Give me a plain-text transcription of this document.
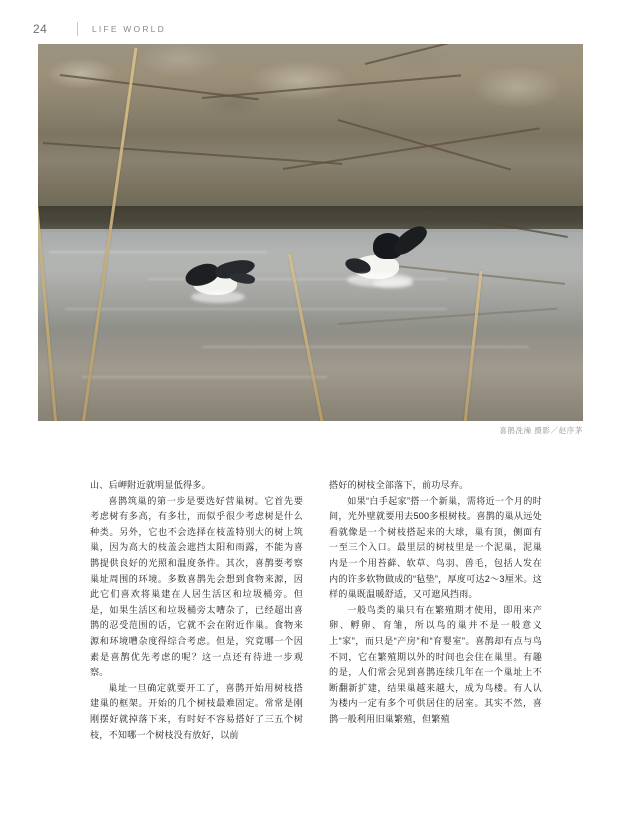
24	LIFE WORLD
喜鹊洗澡 摄影／赵序茅

山、后岬附近就明显低得多。

喜鹊筑巢的第一步是要选好营巢树。它首先要考虑树有多高，有多壮，而似乎很少考虑树是什么种类。另外，它也不会选择在枝盖特别大的树上筑巢，因为高大的枝盖会遮挡太阳和雨露，不能为喜鹊提供良好的光照和温度条件。其次，喜鹊要考察巢址周围的环境。多数喜鹊先会想到食物来源，因此它们喜欢将巢建在人居生活区和垃圾桶旁。但是，如果生活区和垃圾桶旁太嘈杂了，已经超出喜鹊的忍受范围的话，它就不会在附近作巢。食物来源和环境嘈杂度得综合考虑。但是，究竟哪一个因素是喜鹊优先考虑的呢？这一点还有待进一步观察。

巢址一旦确定就要开工了，喜鹊开始用树枝搭建巢的框架。开始的几个树枝最难固定。常常是刚刚摆好就掉落下来，有时好不容易搭好了三五个树枝，不知哪一个树枝没有放好，以前

搭好的树枝全部落下，前功尽弃。

如果“白手起家”搭一个新巢，需将近一个月的时间，光外壁就要用去500多根树枝。喜鹊的巢从远处看就像是一个树枝搭起来的大球，巢有顶，侧面有一至三个入口。最里层的树枝里是一个泥巢，泥巢内是一个用苔藓、软草、鸟羽、兽毛，包括人发在内的许多软物做成的“毡垫”，厚度可达2～3厘米。这样的巢既温暖舒适，又可遮风挡雨。

一般鸟类的巢只有在繁殖期才使用，即用来产卵、孵卵、育雏，所以鸟的巢并不是一般意义上“家”，而只是“产房”和“育婴室”。喜鹊却有点与鸟不同，它在繁殖期以外的时间也会住在巢里。有趣的是，人们常会见到喜鹊连续几年在一个巢址上不断翻新扩建，结果巢越来越大，成为鸟楼。有人认为楼内一定有多个可供居住的居室。其实不然，喜鹊一般利用旧巢繁殖，但繁殖
